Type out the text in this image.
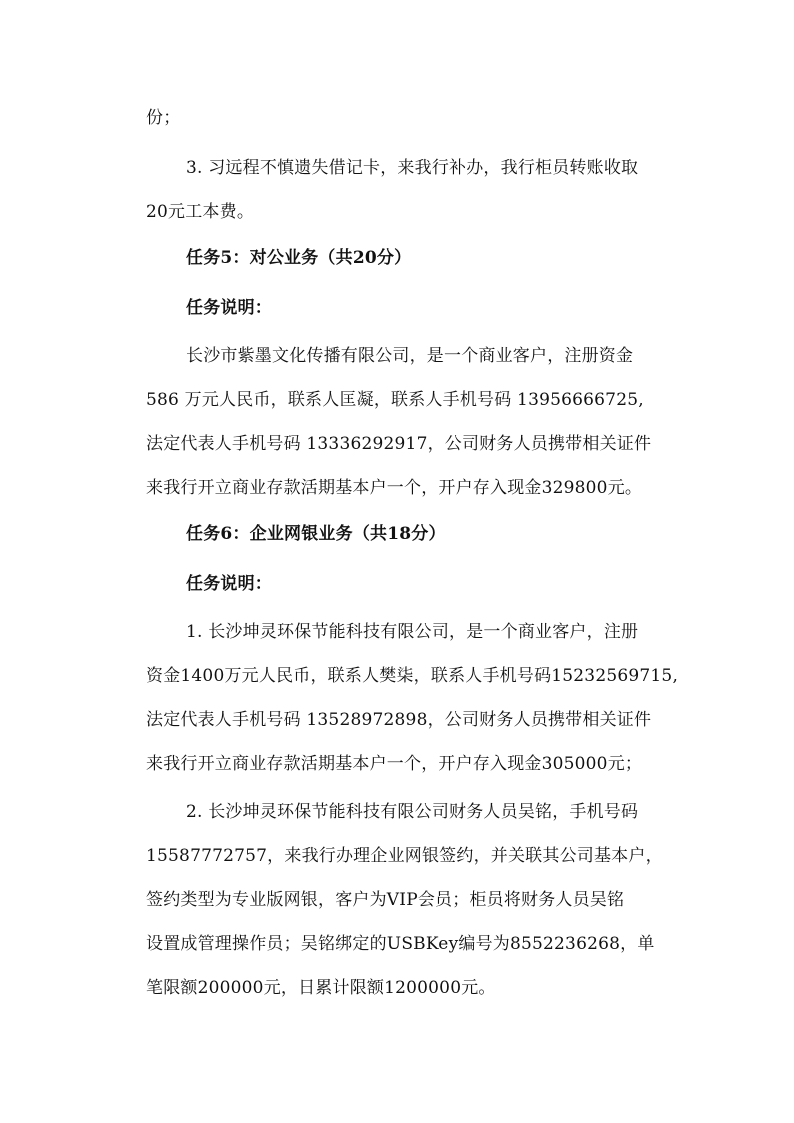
份；
3. 习远程不慎遗失借记卡，来我行补办，我行柜员转账收取
20元工本费。
任务5：对公业务（共20分）
任务说明：
长沙市紫墨文化传播有限公司，是一个商业客户，注册资金
586 万元人民币，联系人匡凝，联系人手机号码 13956666725,
法定代表人手机号码 13336292917，公司财务人员携带相关证件
来我行开立商业存款活期基本户一个，开户存入现金329800元。
任务6：企业网银业务（共18分）
任务说明：
1. 长沙坤灵环保节能科技有限公司，是一个商业客户，注册
资金1400万元人民币，联系人樊柒，联系人手机号码15232569715,
法定代表人手机号码 13528972898，公司财务人员携带相关证件
来我行开立商业存款活期基本户一个，开户存入现金305000元；
2. 长沙坤灵环保节能科技有限公司财务人员吴铭，手机号码
15587772757，来我行办理企业网银签约，并关联其公司基本户，
签约类型为专业版网银，客户为VIP会员；柜员将财务人员吴铭
设置成管理操作员；吴铭绑定的USBKey编号为8552236268，单
笔限额200000元，日累计限额1200000元。
